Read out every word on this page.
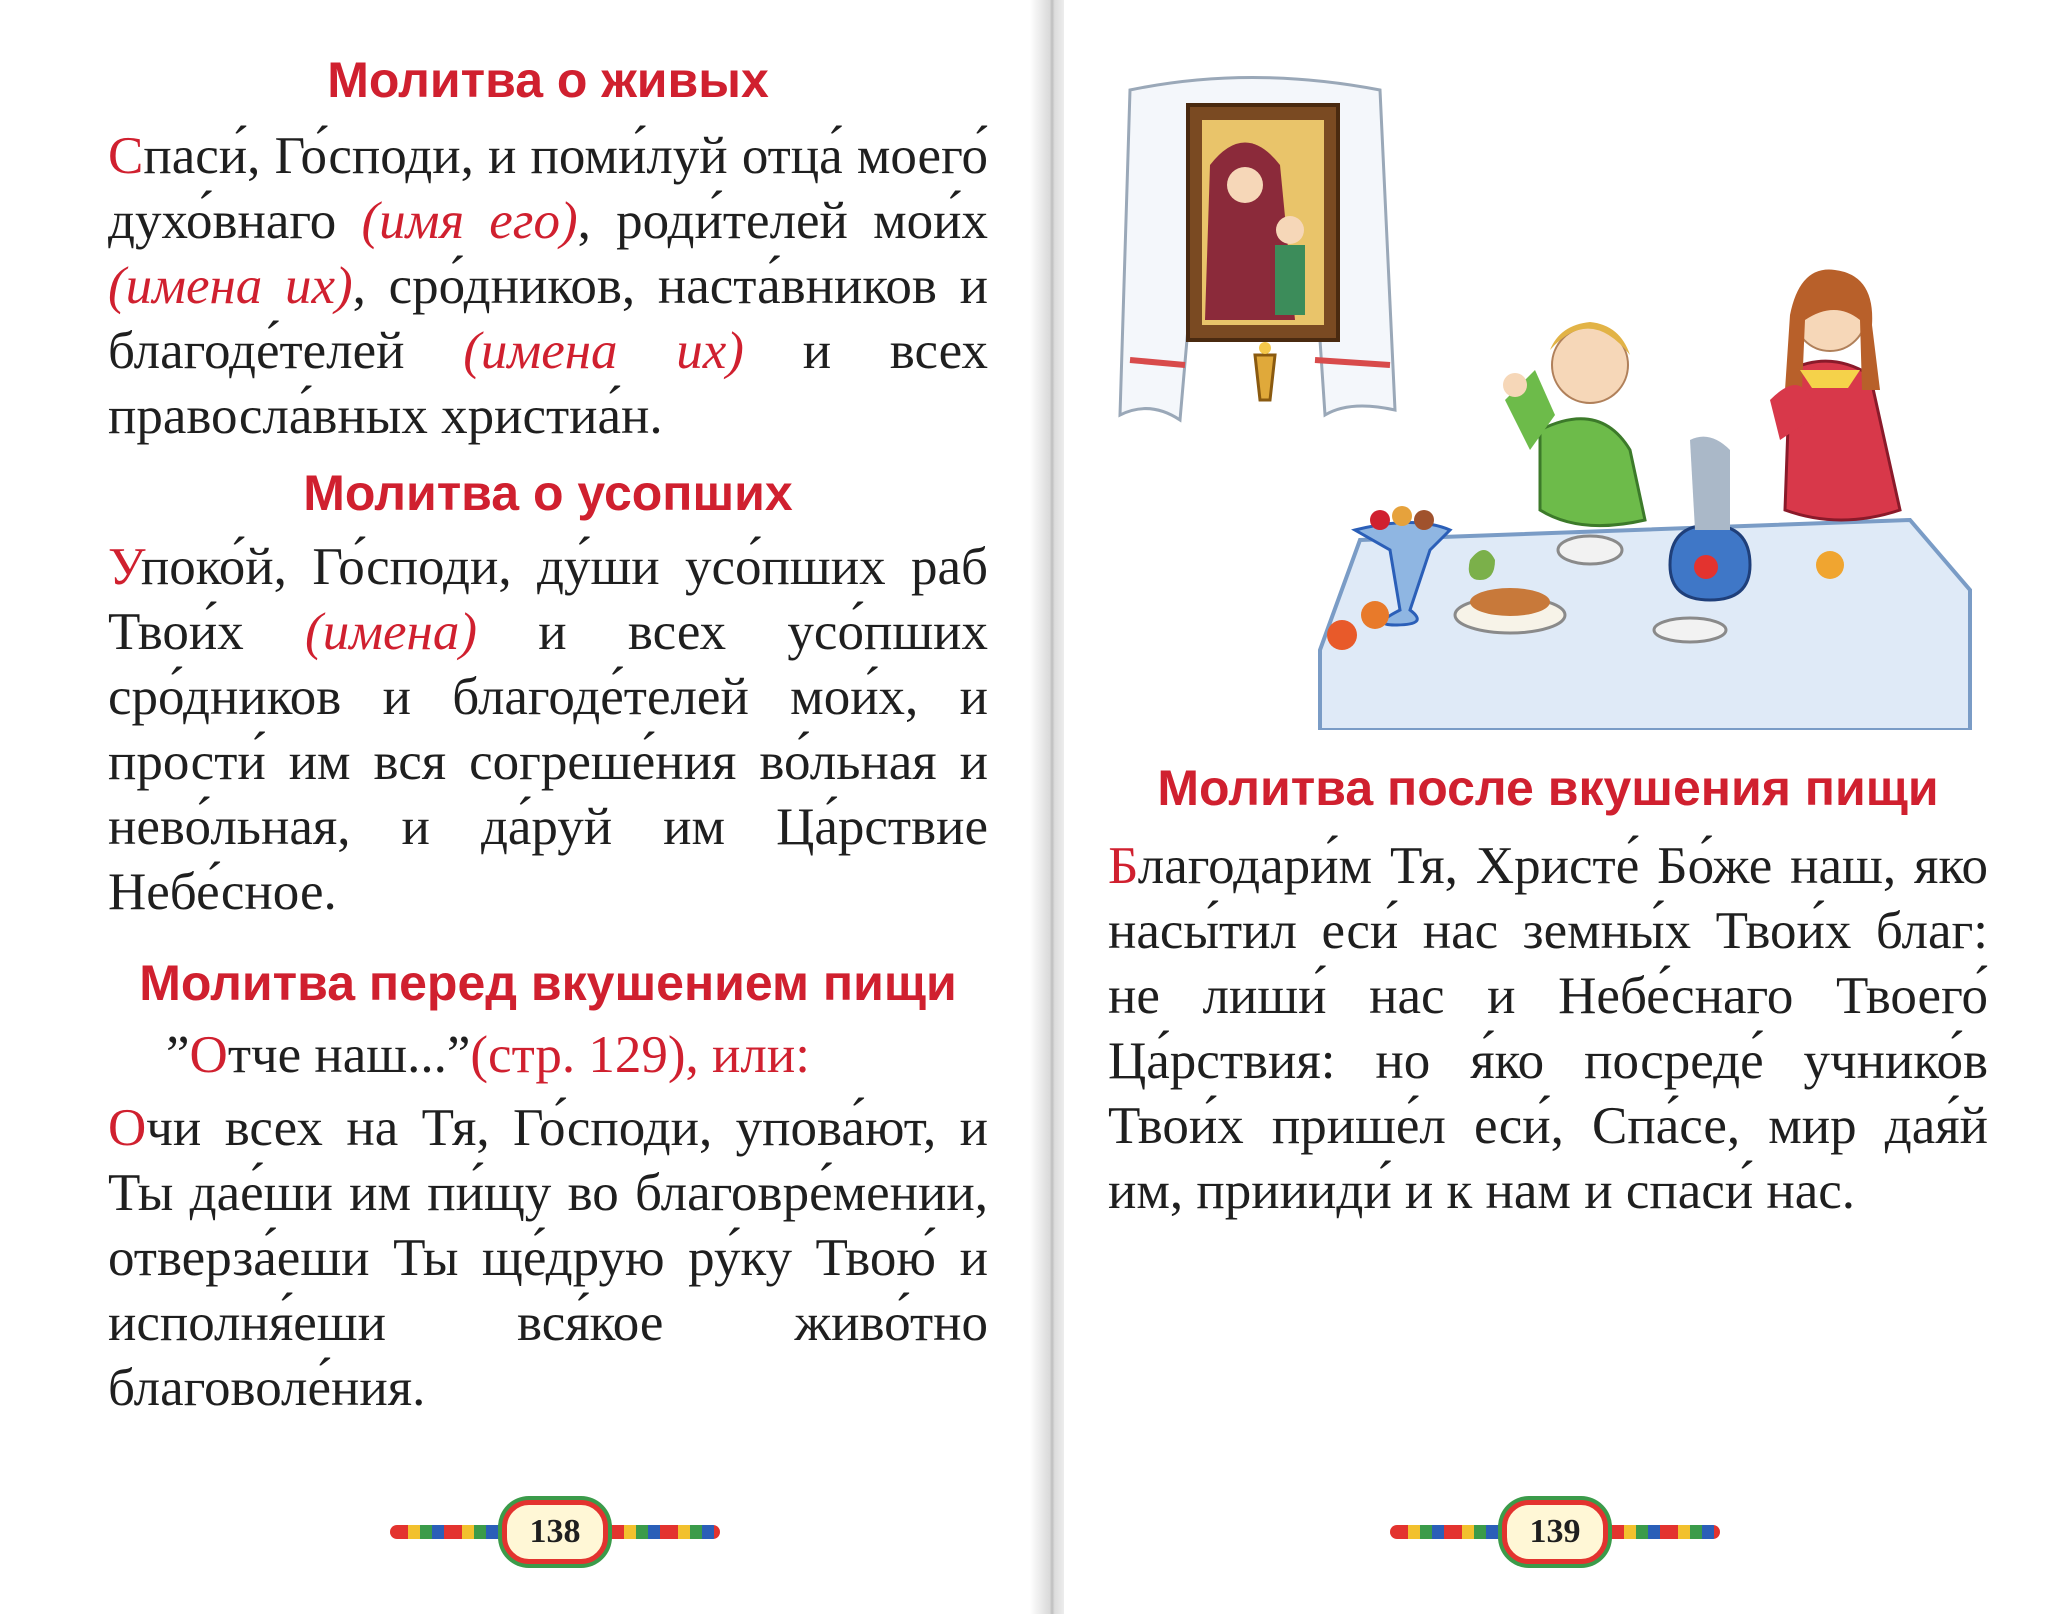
Молитва о живых

Спаси́, Го́споди, и поми́луй отца́ моего́ духо́внаго (имя его), роди́телей мои́х (имена их), сро́дников, наста́вников и благоде́телей (имена их) и всех правосла́вных христиа́н.

Молитва о усопших

Упоко́й, Го́споди, ду́ши усо́пших раб Твои́х (имена) и всех усо́пших сро́дников и благоде́телей мои́х, и прости́ им вся согреше́ния во́льная и нево́льная, и да́руй им Ца́рствие Небе́сное.

Молитва перед вкушением пищи

”Отче наш...”(стр. 129), или:

Очи всех на Тя, Го́споди, упова́ют, и Ты дае́ши им пи́щу во благовре́мении, отверза́еши Ты ще́друю ру́ку Твою́ и исполня́еши вся́кое живо́тно благоволе́ния.

138
Молитва после вкушения пищи

Благодари́м Тя, Христе́ Бо́же наш, яко насы́тил еси́ нас земны́х Твои́х благ: не лиши́ нас и Небе́снаго Твоего́ Ца́рствия: но я́ко посреде́ учнико́в Твои́х прише́л еси́, Спа́се, мир дая́й им, приииди́ и к нам и спаси́ нас.

139
